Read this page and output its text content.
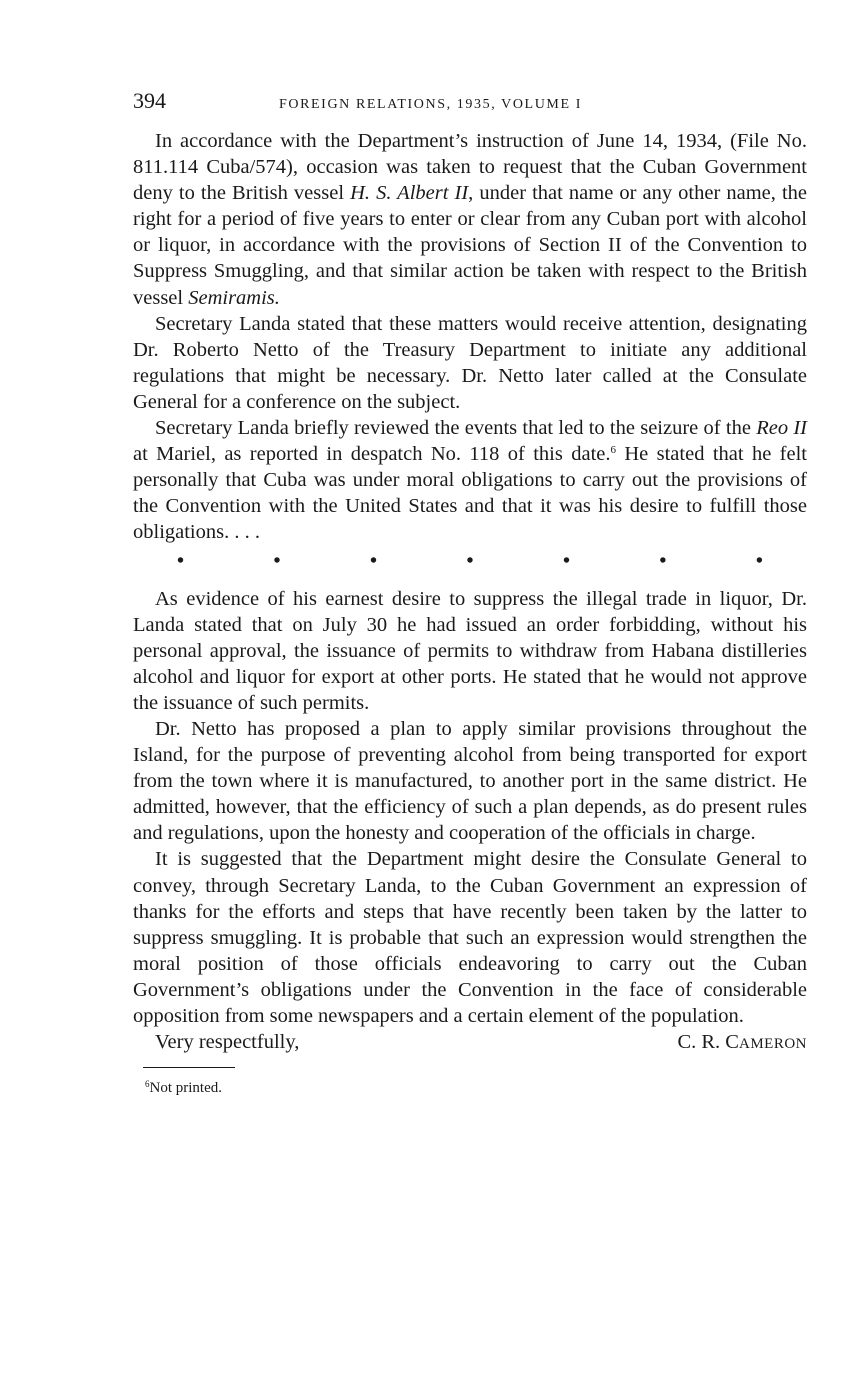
394	FOREIGN RELATIONS, 1935, VOLUME I

In accordance with the Department’s instruction of June 14, 1934, (File No. 811.114 Cuba/574), occasion was taken to request that the Cuban Government deny to the British vessel H. S. Albert II, under that name or any other name, the right for a period of five years to enter or clear from any Cuban port with alcohol or liquor, in accordance with the provisions of Section II of the Convention to Suppress Smuggling, and that similar action be taken with respect to the British vessel Semiramis.

Secretary Landa stated that these matters would receive attention, designating Dr. Roberto Netto of the Treasury Department to initiate any additional regulations that might be necessary. Dr. Netto later called at the Consulate General for a conference on the subject.

Secretary Landa briefly reviewed the events that led to the seizure of the Reo II at Mariel, as reported in despatch No. 118 of this date.$^6$ He stated that he felt personally that Cuba was under moral obligations to carry out the provisions of the Convention with the United States and that it was his desire to fulfill those obligations. . . .

•	•	•	•	•	•	•

As evidence of his earnest desire to suppress the illegal trade in liquor, Dr. Landa stated that on July 30 he had issued an order forbidding, without his personal approval, the issuance of permits to withdraw from Habana distilleries alcohol and liquor for export at other ports. He stated that he would not approve the issuance of such permits.

Dr. Netto has proposed a plan to apply similar provisions throughout the Island, for the purpose of preventing alcohol from being transported for export from the town where it is manufactured, to another port in the same district. He admitted, however, that the efficiency of such a plan depends, as do present rules and regulations, upon the honesty and cooperation of the officials in charge.

It is suggested that the Department might desire the Consulate General to convey, through Secretary Landa, to the Cuban Government an expression of thanks for the efforts and steps that have recently been taken by the latter to suppress smuggling. It is probable that such an expression would strengthen the moral position of those officials endeavoring to carry out the Cuban Government’s obligations under the Convention in the face of considerable opposition from some newspapers and a certain element of the population.

Very respectfully,	C. R. CAMERON
$^6$Not printed.
